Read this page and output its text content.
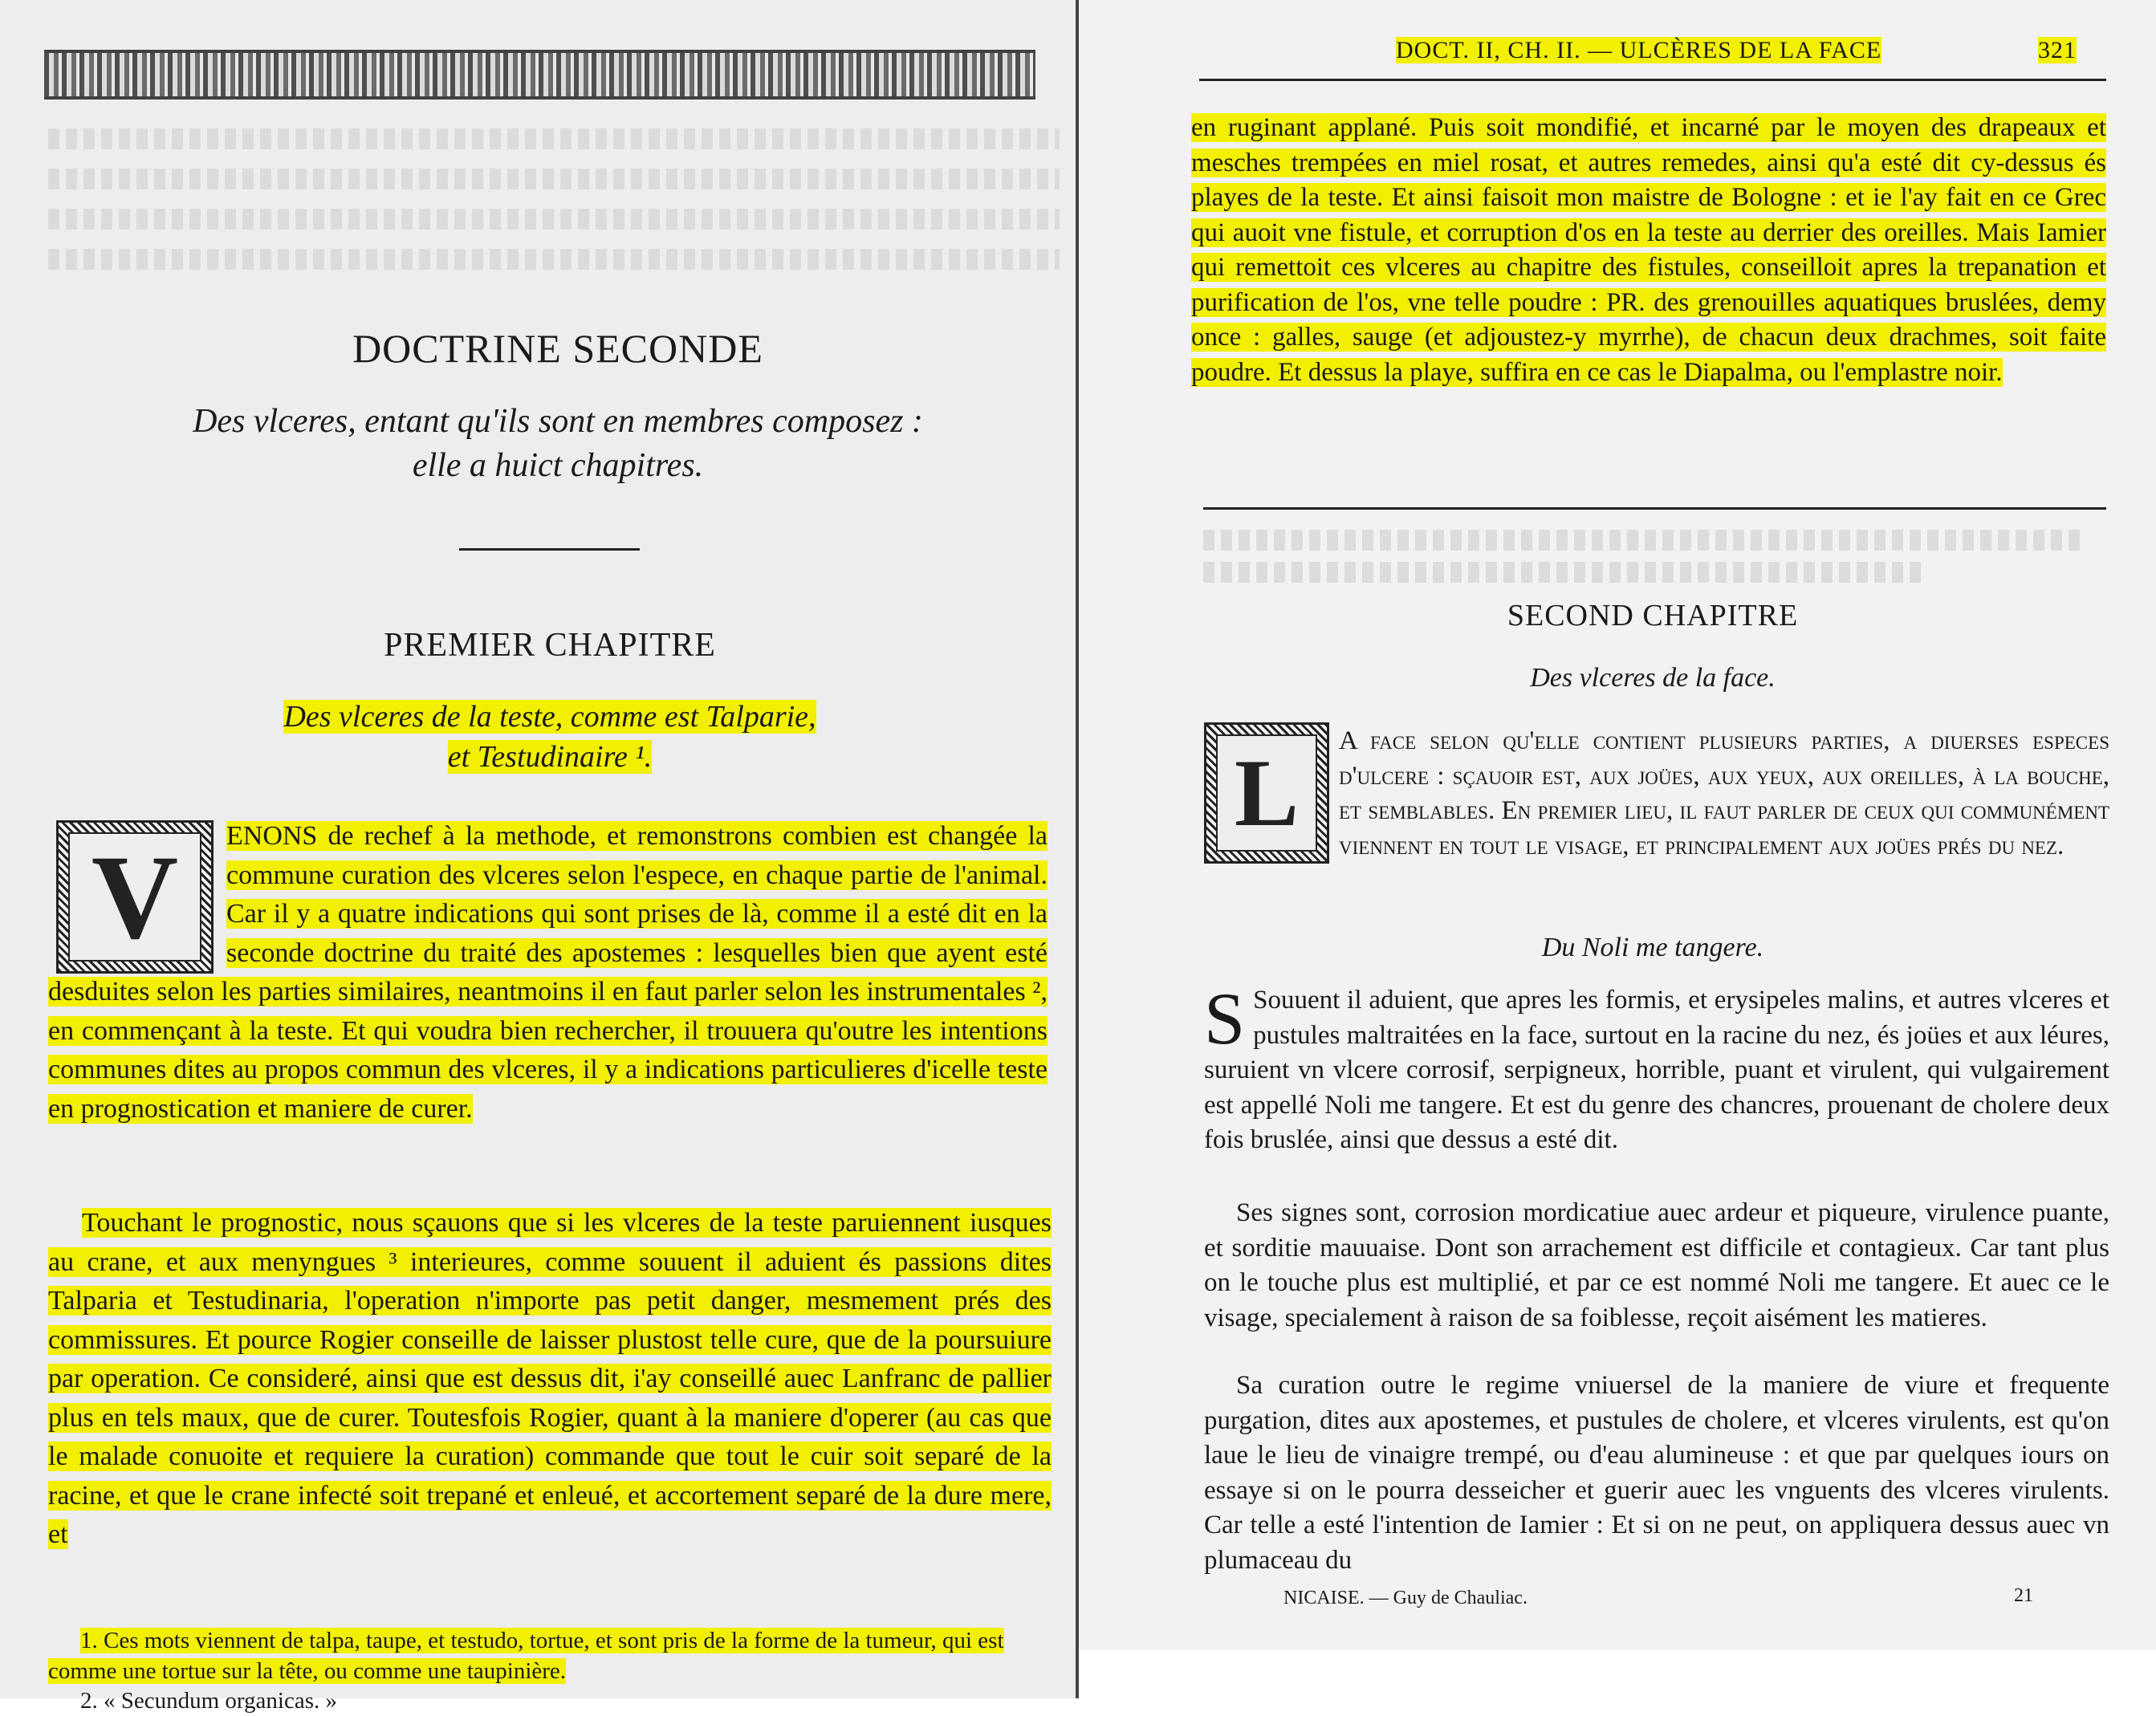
DOCTRINE SECONDE
Des vlceres, entant qu'ils sont en membres composez :
elle a huict chapitres.
PREMIER CHAPITRE
Des vlceres de la teste, comme est Talparie,
et Testudinaire ¹.
V	ENONS de rechef à la methode, et remonstrons combien est changée la commune curation des vlceres selon l'espece, en chaque partie de l'animal. Car il y a quatre indications qui sont prises de là, comme il a esté dit en la seconde doctrine du traité des apostemes : lesquelles bien que ayent esté desduites selon les parties similaires, neantmoins il en faut parler selon les instrumentales ², en commençant à la teste. Et qui voudra bien rechercher, il trouuera qu'outre les intentions communes dites au propos commun des vlceres, il y a indications particulieres d'icelle teste en prognostication et maniere de curer.
Touchant le prognostic, nous sçauons que si les vlceres de la teste paruiennent iusques au crane, et aux menyngues ³ interieures, comme souuent il aduient és passions dites Talparia et Testudinaria, l'operation n'importe pas petit danger, mesmement prés des commissures. Et pource Rogier conseille de laisser plustost telle cure, que de la poursuiure par operation. Ce consideré, ainsi que est dessus dit, i'ay conseillé auec Lanfranc de pallier plus en tels maux, que de curer. Toutesfois Rogier, quant à la maniere d'operer (au cas que le malade conuoite et requiere la curation) commande que tout le cuir soit separé de la racine, et que le crane infecté soit trepané et enleué, et accortement separé de la dure mere, et
1. Ces mots viennent de talpa, taupe, et testudo, tortue, et sont pris de la forme de la tumeur, qui est comme une tortue sur la tête, ou comme une taupinière.
2. « Secundum organicas. »
DOCT. II, CH. II. — ULCÈRES DE LA FACE	321
en ruginant applané. Puis soit mondifié, et incarné par le moyen des drapeaux et mesches trempées en miel rosat, et autres remedes, ainsi qu'a esté dit cy-dessus és playes de la teste. Et ainsi faisoit mon maistre de Bologne : et ie l'ay fait en ce Grec qui auoit vne fistule, et corruption d'os en la teste au derrier des oreilles. Mais Iamier qui remettoit ces vlceres au chapitre des fistules, conseilloit apres la trepanation et purification de l'os, vne telle poudre : PR. des grenouilles aquatiques bruslées, demy once : galles, sauge (et adjoustez-y myrrhe), de chacun deux drachmes, soit faite poudre. Et dessus la playe, suffira en ce cas le Diapalma, ou l'emplastre noir.
SECOND CHAPITRE
Des vlceres de la face.
L	A face selon qu'elle contient plusieurs parties, a diuerses especes d'ulcere : sçauoir est, aux joües, aux yeux, aux oreilles, à la bouche, et semblables. En premier lieu, il faut parler de ceux qui communément viennent en tout le visage, et principalement aux joües prés du nez.
Du Noli me tangere.
S Souuent il aduient, que apres les formis, et erysipeles malins, et autres vlceres et pustules maltraitées en la face, surtout en la racine du nez, és joües et aux léures, suruient vn vlcere corrosif, serpigneux, horrible, puant et virulent, qui vulgairement est appellé Noli me tangere. Et est du genre des chancres, prouenant de cholere deux fois bruslée, ainsi que dessus a esté dit.
Ses signes sont, corrosion mordicatiue auec ardeur et piqueure, virulence puante, et sorditie mauuaise. Dont son arrachement est difficile et contagieux. Car tant plus on le touche plus est multiplié, et par ce est nommé Noli me tangere. Et auec ce le visage, specialement à raison de sa foiblesse, reçoit aisément les matieres.
Sa curation outre le regime vniuersel de la maniere de viure et frequente purgation, dites aux apostemes, et pustules de cholere, et vlceres virulents, est qu'on laue le lieu de vinaigre trempé, ou d'eau alumineuse : et que par quelques iours on essaye si on le pourra desseicher et guerir auec les vnguents des vlceres virulents. Car telle a esté l'intention de Iamier : Et si on ne peut, on appliquera dessus auec vn plumaceau du
NICAISE. — Guy de Chauliac.	21
